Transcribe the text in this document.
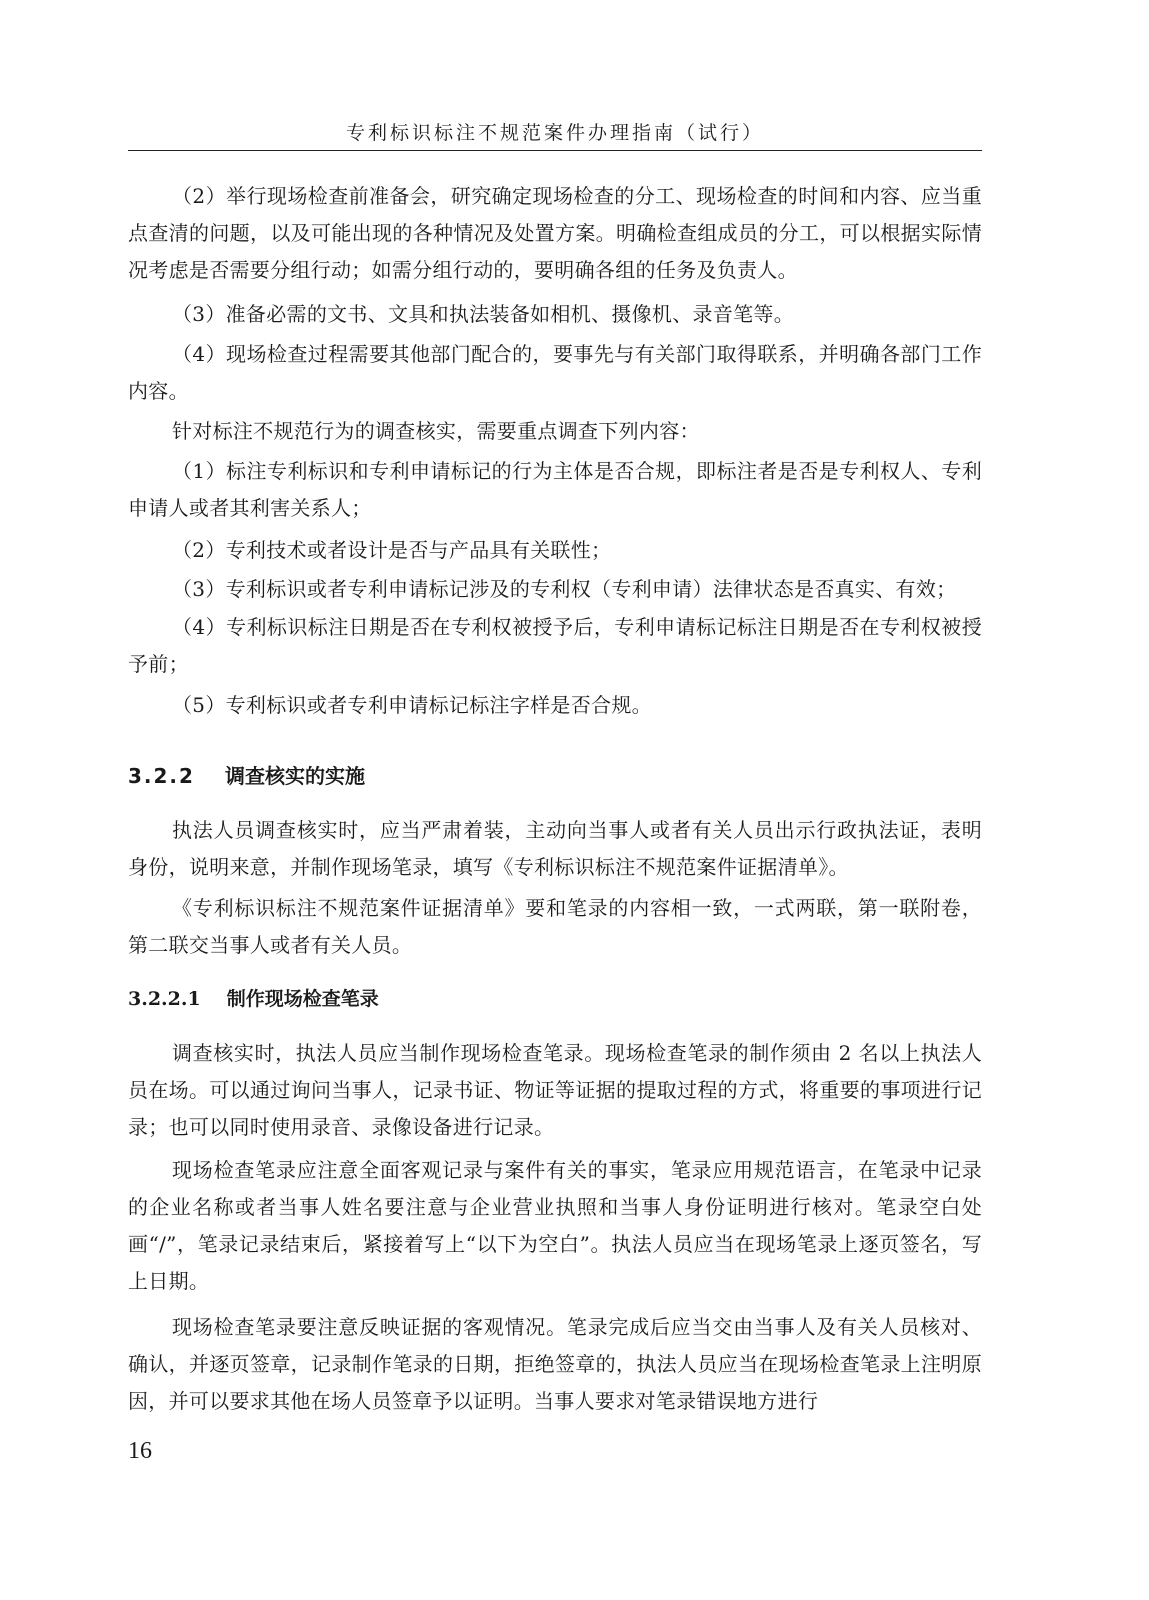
专利标识标注不规范案件办理指南（试行）

（2）举行现场检查前准备会，研究确定现场检查的分工、现场检查的时间和内容、应当重点查清的问题，以及可能出现的各种情况及处置方案。明确检查组成员的分工，可以根据实际情况考虑是否需要分组行动；如需分组行动的，要明确各组的任务及负责人。

（3）准备必需的文书、文具和执法装备如相机、摄像机、录音笔等。

（4）现场检查过程需要其他部门配合的，要事先与有关部门取得联系，并明确各部门工作内容。

针对标注不规范行为的调查核实，需要重点调查下列内容：

（1）标注专利标识和专利申请标记的行为主体是否合规，即标注者是否是专利权人、专利申请人或者其利害关系人；

（2）专利技术或者设计是否与产品具有关联性；

（3）专利标识或者专利申请标记涉及的专利权（专利申请）法律状态是否真实、有效；

（4）专利标识标注日期是否在专利权被授予后，专利申请标记标注日期是否在专利权被授予前；

（5）专利标识或者专利申请标记标注字样是否合规。

3.2.2 调查核实的实施

执法人员调查核实时，应当严肃着装，主动向当事人或者有关人员出示行政执法证，表明身份，说明来意，并制作现场笔录，填写《专利标识标注不规范案件证据清单》。

《专利标识标注不规范案件证据清单》要和笔录的内容相一致，一式两联，第一联附卷，第二联交当事人或者有关人员。

3.2.2.1 制作现场检查笔录

调查核实时，执法人员应当制作现场检查笔录。现场检查笔录的制作须由 2 名以上执法人员在场。可以通过询问当事人，记录书证、物证等证据的提取过程的方式，将重要的事项进行记录；也可以同时使用录音、录像设备进行记录。

现场检查笔录应注意全面客观记录与案件有关的事实，笔录应用规范语言，在笔录中记录的企业名称或者当事人姓名要注意与企业营业执照和当事人身份证明进行核对。笔录空白处画“/”，笔录记录结束后，紧接着写上“以下为空白”。执法人员应当在现场笔录上逐页签名，写上日期。

现场检查笔录要注意反映证据的客观情况。笔录完成后应当交由当事人及有关人员核对、确认，并逐页签章，记录制作笔录的日期，拒绝签章的，执法人员应当在现场检查笔录上注明原因，并可以要求其他在场人员签章予以证明。当事人要求对笔录错误地方进行

16
